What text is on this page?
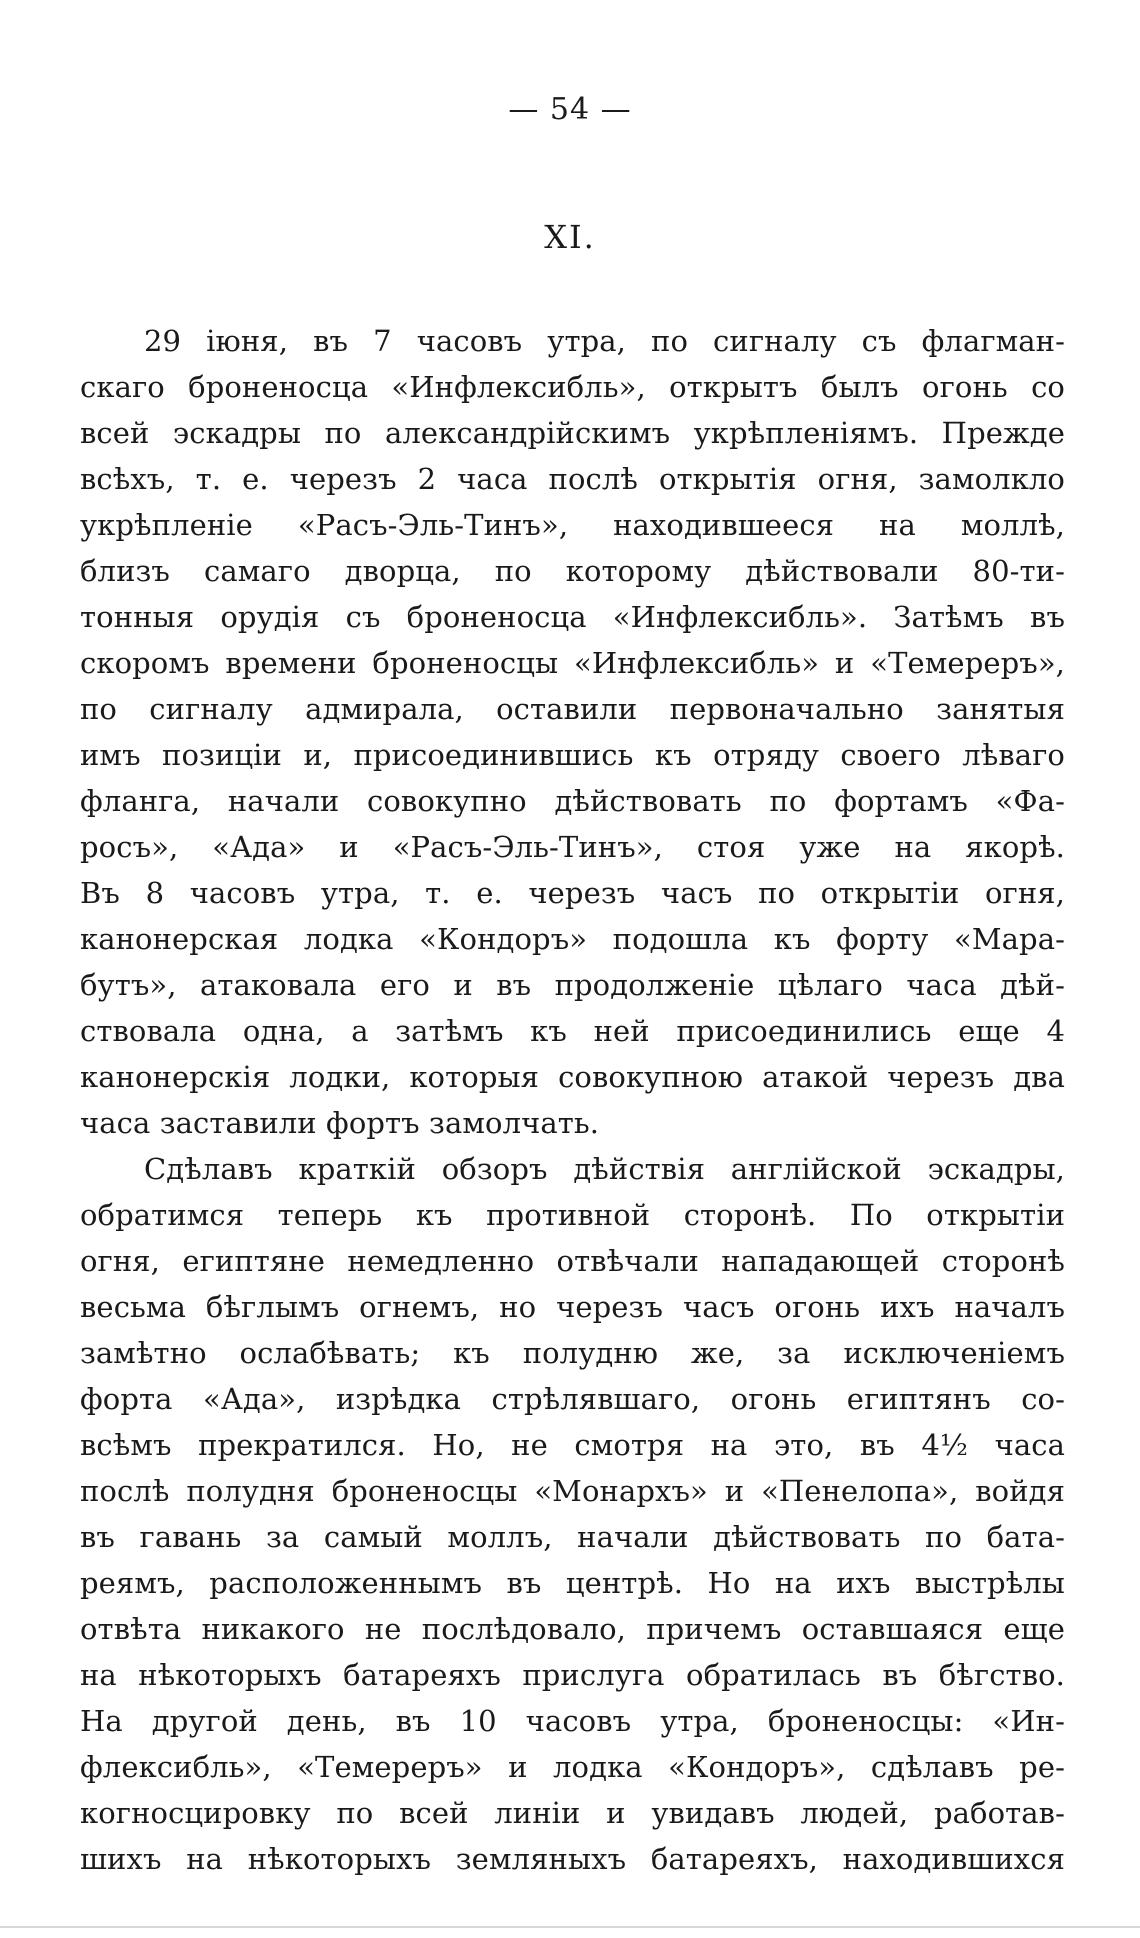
— 54 —
XI.
29 іюня, въ 7 часовъ утра, по сигналу съ флагман-
скаго броненосца «Инфлексибль», открытъ былъ огонь со
всей эскадры по александрійскимъ укрѣпленіямъ. Прежде
всѣхъ, т. е. черезъ 2 часа послѣ открытія огня, замолкло
укрѣпленіе «Расъ-Эль-Тинъ», находившееся на моллѣ,
близъ самаго дворца, по которому дѣйствовали 80-ти-
тонныя орудія съ броненосца «Инфлексибль». Затѣмъ въ
скоромъ времени броненосцы «Инфлексибль» и «Темереръ»,
по сигналу адмирала, оставили первоначально занятыя
имъ позиціи и, присоединившись къ отряду своего лѣваго
фланга, начали совокупно дѣйствовать по фортамъ «Фа-
росъ», «Ада» и «Расъ-Эль-Тинъ», стоя уже на якорѣ.
Въ 8 часовъ утра, т. е. черезъ часъ по открытіи огня,
канонерская лодка «Кондоръ» подошла къ форту «Мара-
бутъ», атаковала его и въ продолженіе цѣлаго часа дѣй-
ствовала одна, а затѣмъ къ ней присоединились еще 4
канонерскія лодки, которыя совокупною атакой черезъ два
часа заставили фортъ замолчать.
Сдѣлавъ краткій обзоръ дѣйствія англійской эскадры,
обратимся теперь къ противной сторонѣ. По открытіи
огня, египтяне немедленно отвѣчали нападающей сторонѣ
весьма бѣглымъ огнемъ, но черезъ часъ огонь ихъ началъ
замѣтно ослабѣвать; къ полудню же, за исключеніемъ
форта «Ада», изрѣдка стрѣлявшаго, огонь египтянъ со-
всѣмъ прекратился. Но, не смотря на это, въ 4½ часа
послѣ полудня броненосцы «Монархъ» и «Пенелопа», войдя
въ гавань за самый моллъ, начали дѣйствовать по бата-
реямъ, расположеннымъ въ центрѣ. Но на ихъ выстрѣлы
отвѣта никакого не послѣдовало, причемъ оставшаяся еще
на нѣкоторыхъ батареяхъ прислуга обратилась въ бѣгство.
На другой день, въ 10 часовъ утра, броненосцы: «Ин-
флексибль», «Темереръ» и лодка «Кондоръ», сдѣлавъ ре-
когносцировку по всей линіи и увидавъ людей, работав-
шихъ на нѣкоторыхъ земляныхъ батареяхъ, находившихся
